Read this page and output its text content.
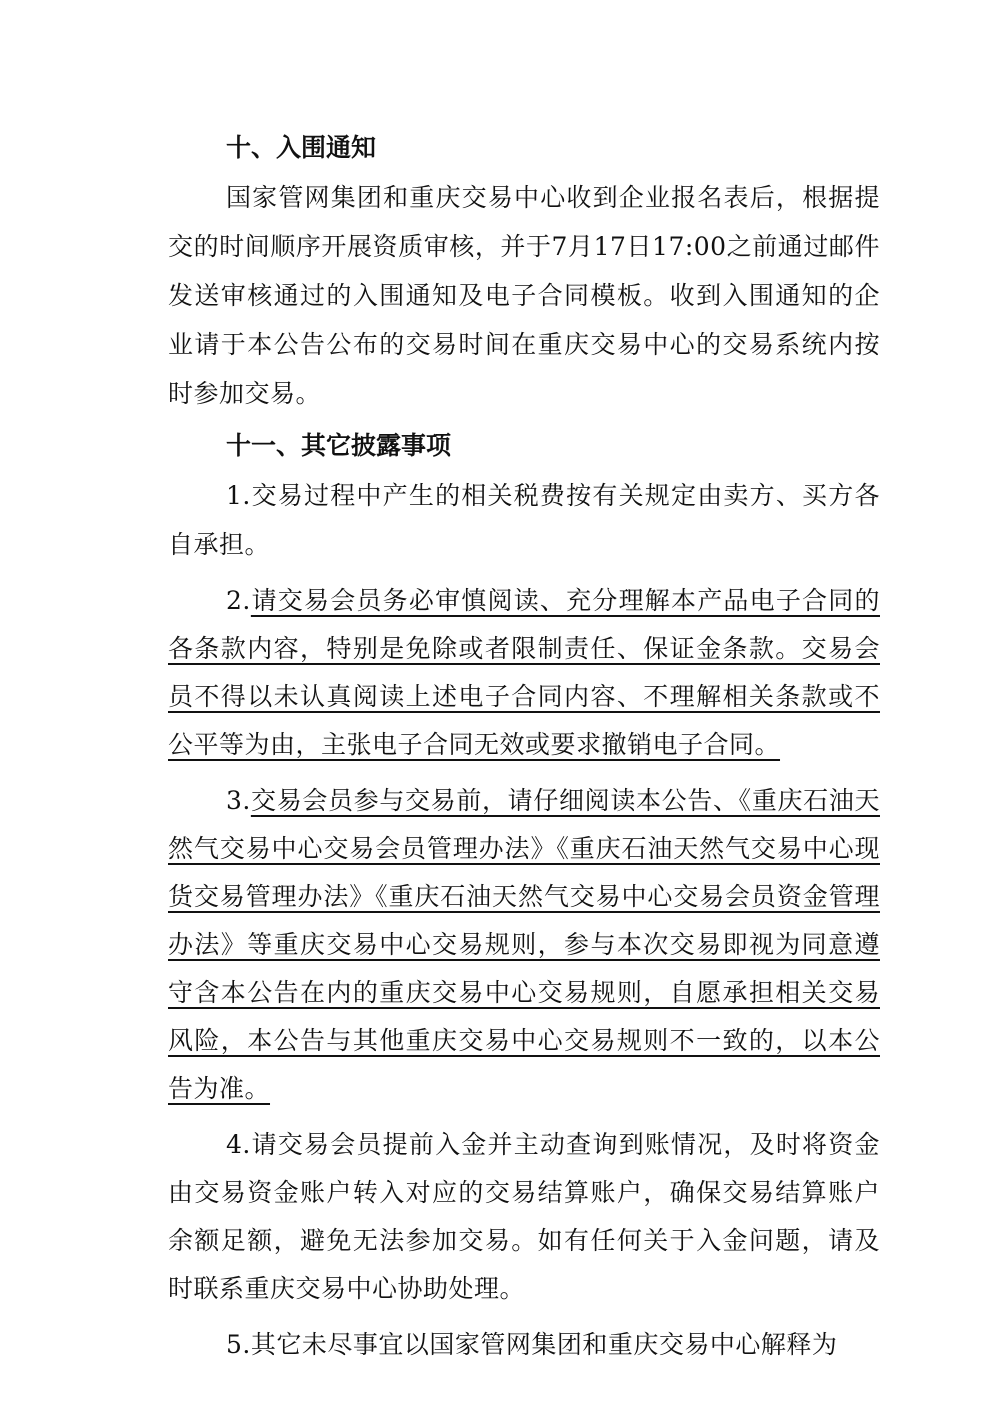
十、入围通知

国家管网集团和重庆交易中心收到企业报名表后，根据提交的时间顺序开展资质审核，并于7月17日17:00之前通过邮件发送审核通过的入围通知及电子合同模板。收到入围通知的企业请于本公告公布的交易时间在重庆交易中心的交易系统内按时参加交易。

十一、其它披露事项

1.交易过程中产生的相关税费按有关规定由卖方、买方各自承担。

2.请交易会员务必审慎阅读、充分理解本产品电子合同的各条款内容，特别是免除或者限制责任、保证金条款。交易会员不得以未认真阅读上述电子合同内容、不理解相关条款或不公平等为由，主张电子合同无效或要求撤销电子合同。

3.交易会员参与交易前，请仔细阅读本公告、《重庆石油天然气交易中心交易会员管理办法》《重庆石油天然气交易中心现货交易管理办法》《重庆石油天然气交易中心交易会员资金管理办法》等重庆交易中心交易规则，参与本次交易即视为同意遵守含本公告在内的重庆交易中心交易规则，自愿承担相关交易风险，本公告与其他重庆交易中心交易规则不一致的，以本公告为准。

4.请交易会员提前入金并主动查询到账情况，及时将资金由交易资金账户转入对应的交易结算账户，确保交易结算账户余额足额，避免无法参加交易。如有任何关于入金问题，请及时联系重庆交易中心协助处理。

5.其它未尽事宜以国家管网集团和重庆交易中心解释为
